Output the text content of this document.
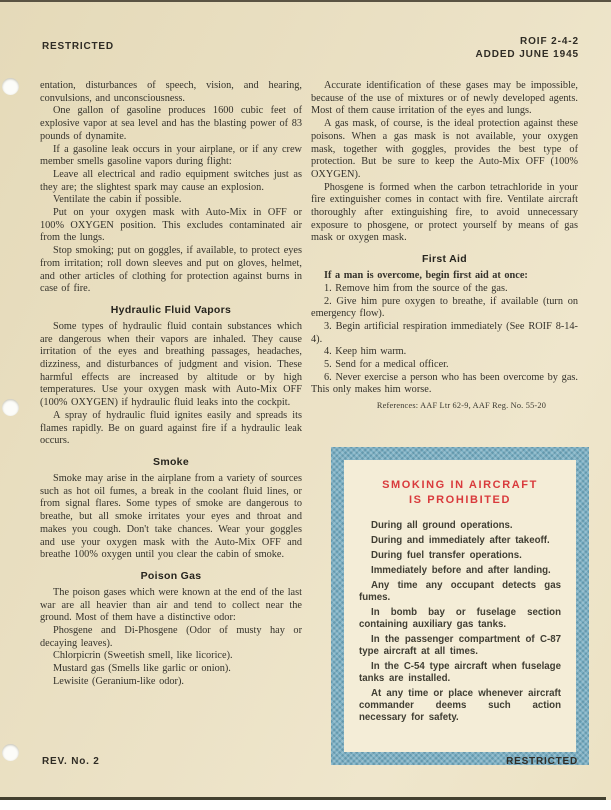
RESTRICTED	ROIF 2-4-2
ADDED JUNE 1945

entation, disturbances of speech, vision, and hearing, convulsions, and unconsciousness.

One gallon of gasoline produces 1600 cubic feet of explosive vapor at sea level and has the blasting power of 83 pounds of dynamite.

If a gasoline leak occurs in your airplane, or if any crew member smells gasoline vapors during flight:

Leave all electrical and radio equipment switches just as they are; the slightest spark may cause an explosion.

Ventilate the cabin if possible.

Put on your oxygen mask with Auto-Mix in OFF or 100% OXYGEN position. This excludes contaminated air from the lungs.

Stop smoking; put on goggles, if available, to protect eyes from irritation; roll down sleeves and put on gloves, helmet, and other articles of clothing for protection against burns in case of fire.

Hydraulic Fluid Vapors

Some types of hydraulic fluid contain substances which are dangerous when their vapors are inhaled. They cause irritation of the eyes and breathing passages, headaches, dizziness, and disturbances of judgment and vision. These harmful effects are increased by altitude or by high temperatures. Use your oxygen mask with Auto-Mix OFF (100% OXYGEN) if hydraulic fluid leaks into the cockpit.

A spray of hydraulic fluid ignites easily and spreads its flames rapidly. Be on guard against fire if a hydraulic leak occurs.

Smoke

Smoke may arise in the airplane from a variety of sources such as hot oil fumes, a break in the coolant fluid lines, or from signal flares. Some types of smoke are dangerous to breathe, but all smoke irritates your eyes and throat and makes you cough. Don't take chances. Wear your goggles and use your oxygen mask with the Auto-Mix OFF and breathe 100% oxygen until you clear the cabin of smoke.

Poison Gas

The poison gases which were known at the end of the last war are all heavier than air and tend to collect near the ground. Most of them have a distinctive odor:

Phosgene and Di-Phosgene (Odor of musty hay or decaying leaves).

Chlorpicrin (Sweetish smell, like licorice).

Mustard gas (Smells like garlic or onion).

Lewisite (Geranium-like odor).

Accurate identification of these gases may be impossible, because of the use of mixtures or of newly developed agents. Most of them cause irritation of the eyes and lungs.

A gas mask, of course, is the ideal protection against these poisons. When a gas mask is not available, your oxygen mask, together with goggles, provides the best type of protection. But be sure to keep the Auto-Mix OFF (100% OXYGEN).

Phosgene is formed when the carbon tetrachloride in your fire extinguisher comes in contact with fire. Ventilate aircraft thoroughly after extinguishing fire, to avoid unnecessary exposure to phosgene, or protect yourself by means of gas mask or oxygen mask.

First Aid

If a man is overcome, begin first aid at once:

1. Remove him from the source of the gas.

2. Give him pure oxygen to breathe, if available (turn on emergency flow).

3. Begin artificial respiration immediately (See ROIF 8-14-4).

4. Keep him warm.

5. Send for a medical officer.

6. Never exercise a person who has been overcome by gas. This only makes him worse.

References: AAF Ltr 62-9, AAF Reg. No. 55-20

SMOKING IN AIRCRAFT
IS PROHIBITED

During all ground operations.

During and immediately after takeoff.

During fuel transfer operations.

Immediately before and after landing.

Any time any occupant detects gas fumes.

In bomb bay or fuselage section containing auxiliary gas tanks.

In the passenger compartment of C-87 type aircraft at all times.

In the C-54 type aircraft when fuselage tanks are installed.

At any time or place whenever aircraft commander deems such action necessary for safety.

REV. No. 2	RESTRICTED
